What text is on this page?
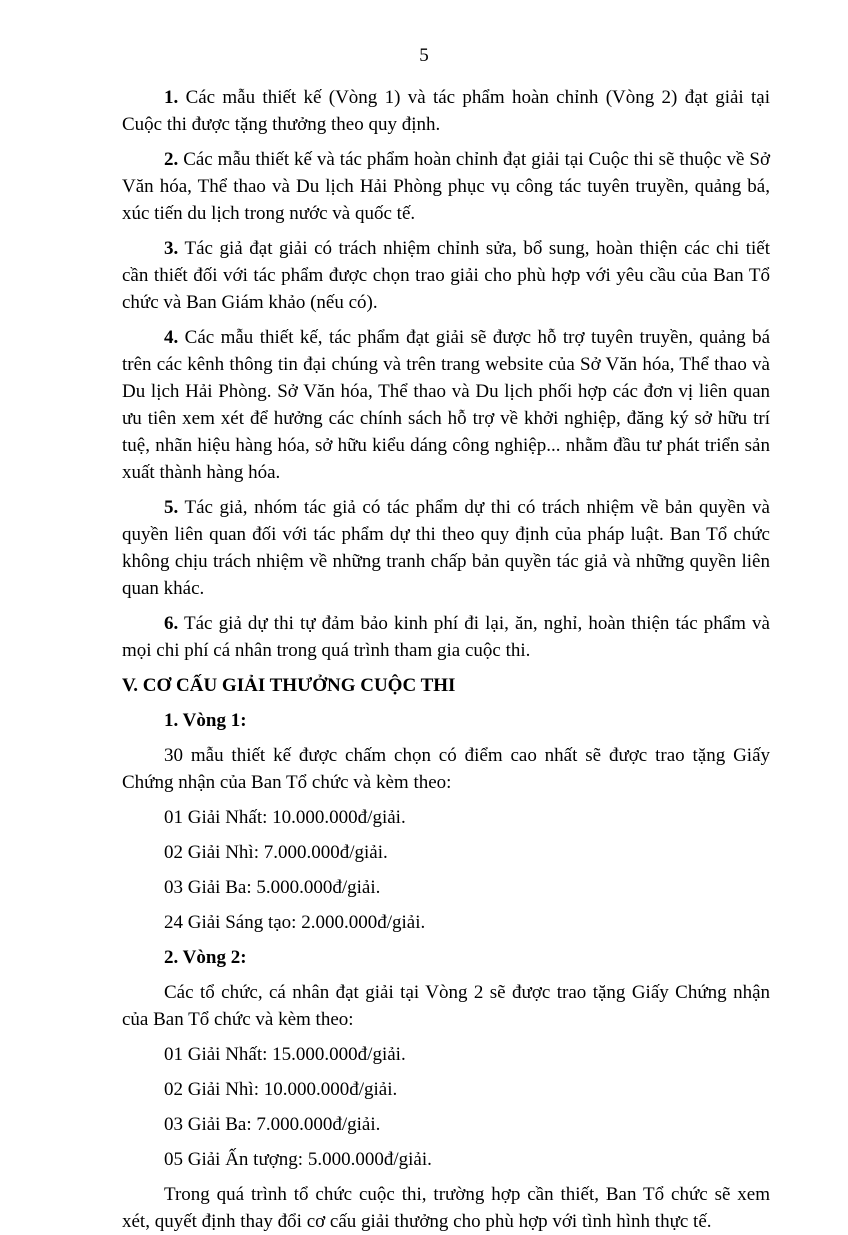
5

1. Các mẫu thiết kế (Vòng 1) và tác phẩm hoàn chỉnh (Vòng 2) đạt giải tại Cuộc thi được tặng thưởng theo quy định.

2. Các mẫu thiết kế và tác phẩm hoàn chỉnh đạt giải tại Cuộc thi sẽ thuộc về Sở Văn hóa, Thể thao và Du lịch Hải Phòng phục vụ công tác tuyên truyền, quảng bá, xúc tiến du lịch trong nước và quốc tế.

3. Tác giả đạt giải có trách nhiệm chỉnh sửa, bổ sung, hoàn thiện các chi tiết cần thiết đối với tác phẩm được chọn trao giải cho phù hợp với yêu cầu của Ban Tổ chức và Ban Giám khảo (nếu có).

4. Các mẫu thiết kế, tác phẩm đạt giải sẽ được hỗ trợ tuyên truyền, quảng bá trên các kênh thông tin đại chúng và trên trang website của Sở Văn hóa, Thể thao và Du lịch Hải Phòng. Sở Văn hóa, Thể thao và Du lịch phối hợp các đơn vị liên quan ưu tiên xem xét để hưởng các chính sách hỗ trợ về khởi nghiệp, đăng ký sở hữu trí tuệ, nhãn hiệu hàng hóa, sở hữu kiểu dáng công nghiệp... nhằm đầu tư phát triển sản xuất thành hàng hóa.

5. Tác giả, nhóm tác giả có tác phẩm dự thi có trách nhiệm về bản quyền và quyền liên quan đối với tác phẩm dự thi theo quy định của pháp luật. Ban Tổ chức không chịu trách nhiệm về những tranh chấp bản quyền tác giả và những quyền liên quan khác.

6. Tác giả dự thi tự đảm bảo kinh phí đi lại, ăn, nghỉ, hoàn thiện tác phẩm và mọi chi phí cá nhân trong quá trình tham gia cuộc thi.

V. CƠ CẤU GIẢI THƯỞNG CUỘC THI

1. Vòng 1:

30 mẫu thiết kế được chấm chọn có điểm cao nhất sẽ được trao tặng Giấy Chứng nhận của Ban Tổ chức và kèm theo:

01 Giải Nhất: 10.000.000đ/giải.

02 Giải Nhì: 7.000.000đ/giải.

03 Giải Ba: 5.000.000đ/giải.

24 Giải Sáng tạo: 2.000.000đ/giải.

2. Vòng 2:

Các tổ chức, cá nhân đạt giải tại Vòng 2 sẽ được trao tặng Giấy Chứng nhận của Ban Tổ chức và kèm theo:

01 Giải Nhất: 15.000.000đ/giải.

02 Giải Nhì: 10.000.000đ/giải.

03 Giải Ba: 7.000.000đ/giải.

05 Giải Ấn tượng: 5.000.000đ/giải.

Trong quá trình tổ chức cuộc thi, trường hợp cần thiết, Ban Tổ chức sẽ xem xét, quyết định thay đổi cơ cấu giải thưởng cho phù hợp với tình hình thực tế.
